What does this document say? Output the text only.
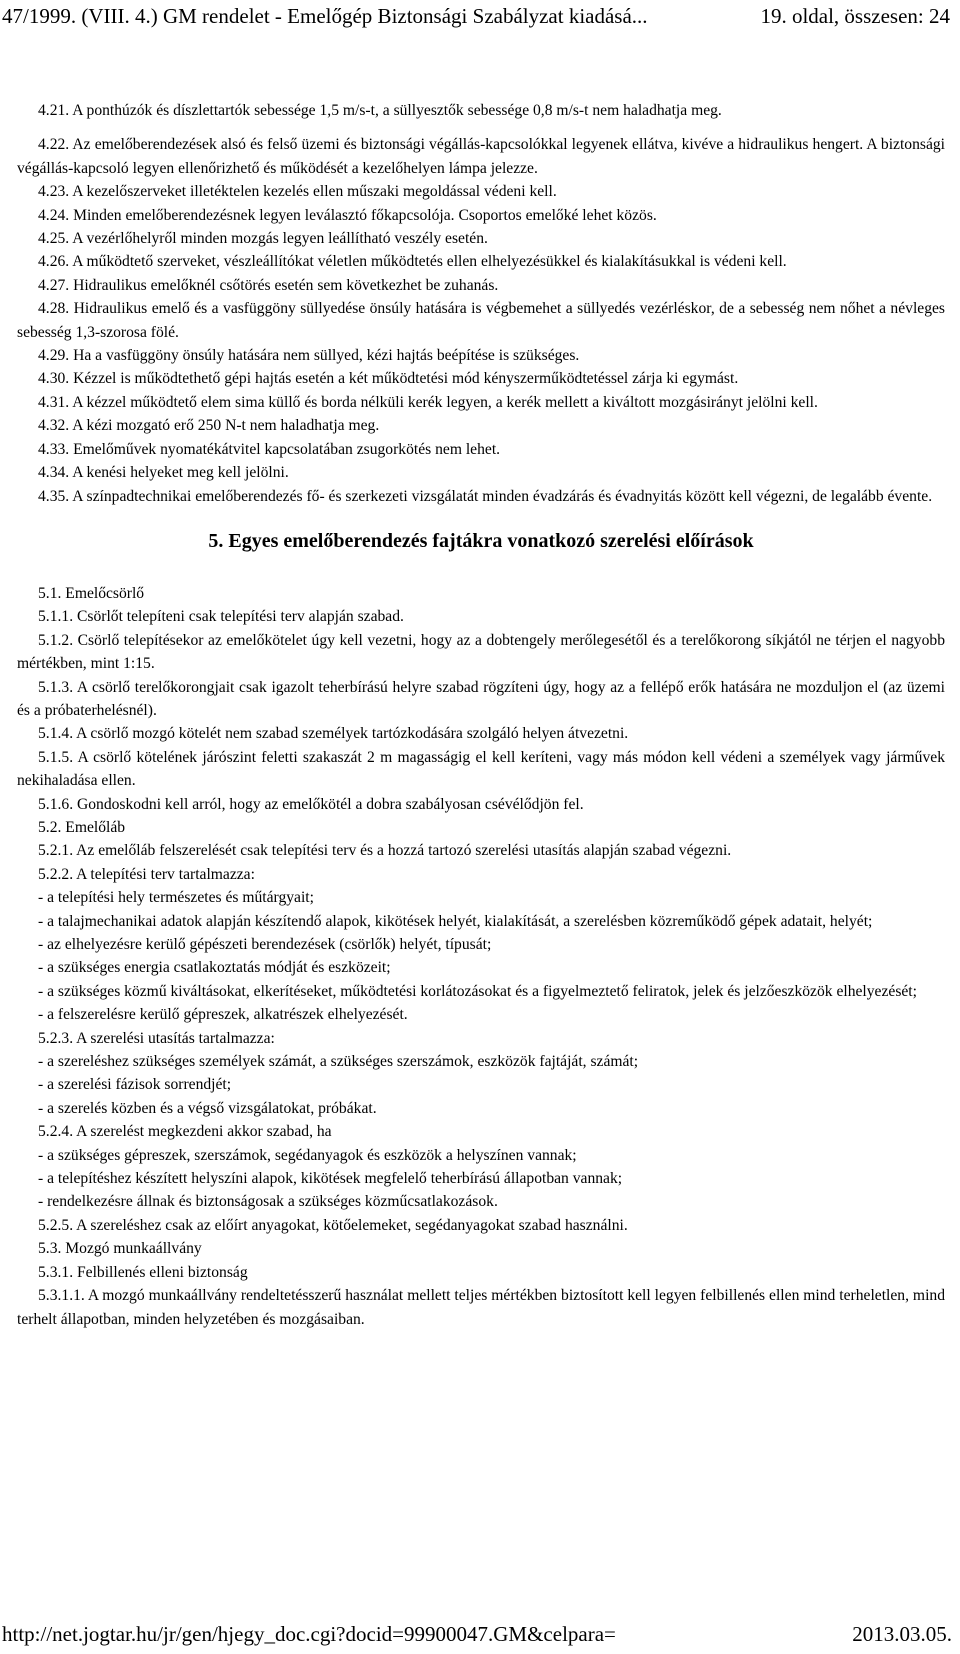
47/1999. (VIII. 4.) GM rendelet - Emelőgép Biztonsági Szabályzat kiadásá...	19. oldal, összesen: 24

4.21. A ponthúzók és díszlettartók sebessége 1,5 m/s-t, a süllyesztők sebessége 0,8 m/s-t nem haladhatja meg.

4.22. Az emelőberendezések alsó és felső üzemi és biztonsági végállás-kapcsolókkal legyenek ellátva, kivéve a hidraulikus hengert. A biztonsági végállás-kapcsoló legyen ellenőrizhető és működését a kezelőhelyen lámpa jelezze.

4.23. A kezelőszerveket illetéktelen kezelés ellen műszaki megoldással védeni kell.

4.24. Minden emelőberendezésnek legyen leválasztó főkapcsolója. Csoportos emelőké lehet közös.

4.25. A vezérlőhelyről minden mozgás legyen leállítható veszély esetén.

4.26. A működtető szerveket, vészleállítókat véletlen működtetés ellen elhelyezésükkel és kialakításukkal is védeni kell.

4.27. Hidraulikus emelőknél csőtörés esetén sem következhet be zuhanás.

4.28. Hidraulikus emelő és a vasfüggöny süllyedése önsúly hatására is végbemehet a süllyedés vezérléskor, de a sebesség nem nőhet a névleges sebesség 1,3-szorosa fölé.

4.29. Ha a vasfüggöny önsúly hatására nem süllyed, kézi hajtás beépítése is szükséges.

4.30. Kézzel is működtethető gépi hajtás esetén a két működtetési mód kényszerműködtetéssel zárja ki egymást.

4.31. A kézzel működtető elem sima küllő és borda nélküli kerék legyen, a kerék mellett a kiváltott mozgásirányt jelölni kell.

4.32. A kézi mozgató erő 250 N-t nem haladhatja meg.

4.33. Emelőművek nyomatékátvitel kapcsolatában zsugorkötés nem lehet.

4.34. A kenési helyeket meg kell jelölni.

4.35. A színpadtechnikai emelőberendezés fő- és szerkezeti vizsgálatát minden évadzárás és évadnyitás között kell végezni, de legalább évente.

5. Egyes emelőberendezés fajtákra vonatkozó szerelési előírások

5.1. Emelőcsörlő

5.1.1. Csörlőt telepíteni csak telepítési terv alapján szabad.

5.1.2. Csörlő telepítésekor az emelőkötelet úgy kell vezetni, hogy az a dobtengely merőlegesétől és a terelőkorong síkjától ne térjen el nagyobb mértékben, mint 1:15.

5.1.3. A csörlő terelőkorongjait csak igazolt teherbírású helyre szabad rögzíteni úgy, hogy az a fellépő erők hatására ne mozduljon el (az üzemi és a próbaterhelésnél).

5.1.4. A csörlő mozgó kötelét nem szabad személyek tartózkodására szolgáló helyen átvezetni.

5.1.5. A csörlő kötelének járószint feletti szakaszát 2 m magasságig el kell keríteni, vagy más módon kell védeni a személyek vagy járművek nekihaladása ellen.

5.1.6. Gondoskodni kell arról, hogy az emelőkötél a dobra szabályosan csévélődjön fel.

5.2. Emelőláb

5.2.1. Az emelőláb felszerelését csak telepítési terv és a hozzá tartozó szerelési utasítás alapján szabad végezni.

5.2.2. A telepítési terv tartalmazza:

- a telepítési hely természetes és műtárgyait;

- a talajmechanikai adatok alapján készítendő alapok, kikötések helyét, kialakítását, a szerelésben közreműködő gépek adatait, helyét;

- az elhelyezésre kerülő gépészeti berendezések (csörlők) helyét, típusát;

- a szükséges energia csatlakoztatás módját és eszközeit;

- a szükséges közmű kiváltásokat, elkerítéseket, működtetési korlátozásokat és a figyelmeztető feliratok, jelek és jelzőeszközök elhelyezését;

- a felszerelésre kerülő gépreszek, alkatrészek elhelyezését.

5.2.3. A szerelési utasítás tartalmazza:

- a szereléshez szükséges személyek számát, a szükséges szerszámok, eszközök fajtáját, számát;

- a szerelési fázisok sorrendjét;

- a szerelés közben és a végső vizsgálatokat, próbákat.

5.2.4. A szerelést megkezdeni akkor szabad, ha

- a szükséges gépreszek, szerszámok, segédanyagok és eszközök a helyszínen vannak;

- a telepítéshez készített helyszíni alapok, kikötések megfelelő teherbírású állapotban vannak;

- rendelkezésre állnak és biztonságosak a szükséges közműcsatlakozások.

5.2.5. A szereléshez csak az előírt anyagokat, kötőelemeket, segédanyagokat szabad használni.

5.3. Mozgó munkaállvány

5.3.1. Felbillenés elleni biztonság

5.3.1.1. A mozgó munkaállvány rendeltetésszerű használat mellett teljes mértékben biztosított kell legyen felbillenés ellen mind terheletlen, mind terhelt állapotban, minden helyzetében és mozgásaiban.

http://net.jogtar.hu/jr/gen/hjegy_doc.cgi?docid=99900047.GM&celpara=	2013.03.05.
